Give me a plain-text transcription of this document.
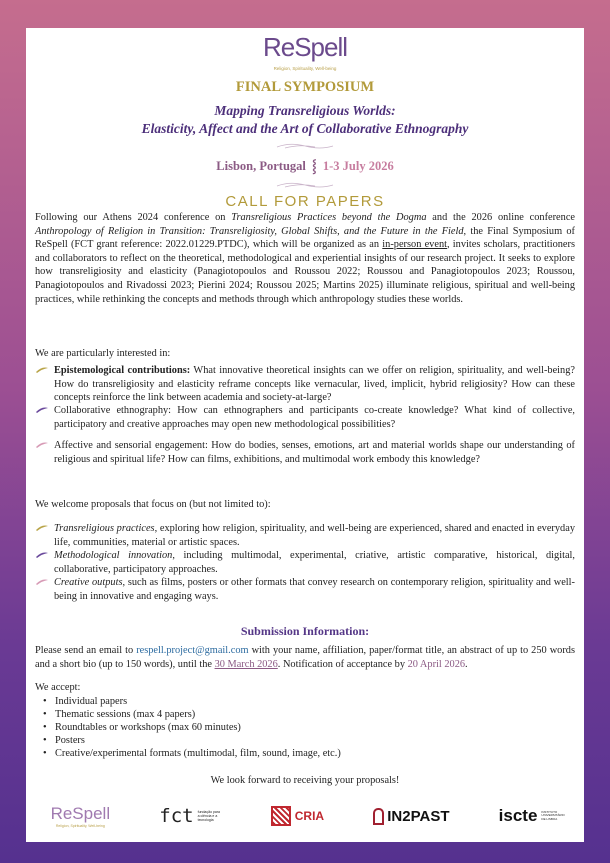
ReSpell
Religion, Spirituality, Well-being
FINAL SYMPOSIUM
Mapping Transreligious Worlds:
Elasticity, Affect and the Art of Collaborative Ethnography
Lisbon, Portugal  ⸾  1-3 July 2026
CALL FOR PAPERS
Following our Athens 2024 conference on Transreligious Practices beyond the Dogma and the 2026 online conference Anthropology of Religion in Transition: Transreligiosity, Global Shifts, and the Future in the Field, the Final Symposium of ReSpell (FCT grant reference: 2022.01229.PTDC), which will be organized as an in-person event, invites scholars, practitioners and collaborators to reflect on the theoretical, methodological and experiential insights of our research project. It seeks to explore how transreligiosity and elasticity (Panagiotopoulos and Roussou 2022; Roussou and Panagiotopoulos 2023; Roussou, Panagiotopoulos and Rivadossi 2023; Pierini 2024; Roussou 2025; Martins 2025) illuminate religious, spiritual and well-being practices, while rethinking the concepts and methods through which anthropology studies these worlds.
We are particularly interested in:
Epistemological contributions: What innovative theoretical insights can we offer on religion, spirituality, and well-being? How do transreligiosity and elasticity reframe concepts like vernacular, lived, implicit, hybrid religiosity? How can these concepts reinforce the link between academia and society-at-large?
Collaborative ethnography: How can ethnographers and participants co-create knowledge? What kind of collective, participatory and creative approaches may open new methodological possibilities?
Affective and sensorial engagement: How do bodies, senses, emotions, art and material worlds shape our understanding of religious and spiritual life? How can films, exhibitions, and multimodal work embody this knowledge?
We welcome proposals that focus on (but not limited to):
Transreligious practices, exploring how religion, spirituality, and well-being are experienced, shared and enacted in everyday life, communities, material or artistic spaces.
Methodological innovation, including multimodal, experimental, criative, artistic comparative, historical, digital, collaborative, participatory approaches.
Creative outputs, such as films, posters or other formats that convey research on contemporary religion, spirituality and well-being in innovative and engaging ways.
Submission Information:
Please send an email to respell.project@gmail.com with your name, affiliation, paper/format title, an abstract of up to 250 words and a short bio (up to 150 words), until the 30 March 2026. Notification of acceptance by 20 April 2026.
We accept:
• Individual papers
• Thematic sessions (max 4 papers)
• Roundtables or workshops (max 60 minutes)
• Posters
• Creative/experimental formats (multimodal, film, sound, image, etc.)
We look forward to receiving your proposals!
ReSpell
Religion, Spirituality, Well-being	fct fundação para a ciência e a tecnologia	CRIA	IN2PAST	iscte INSTITUTO UNIVERSITÁRIO DE LISBOA
